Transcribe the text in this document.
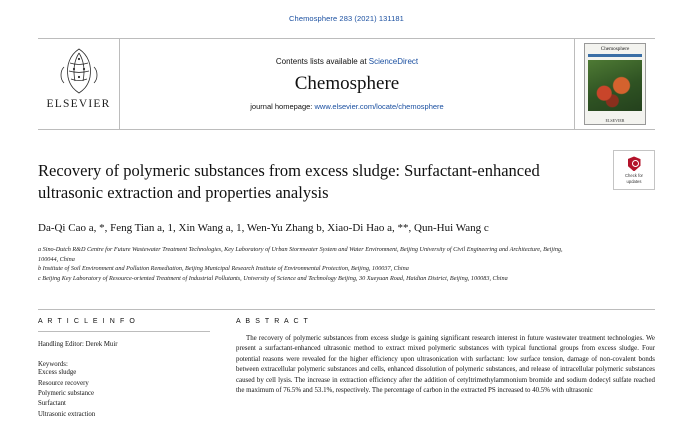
Chemosphere 283 (2021) 131181
ELSEVIER
Contents lists available at ScienceDirect
Chemosphere
journal homepage: www.elsevier.com/locate/chemosphere
Chemosphere
ELSEVIER
Check for
updates
Recovery of polymeric substances from excess sludge: Surfactant-enhanced ultrasonic extraction and properties analysis
Da-Qi Cao a, *, Feng Tian a, 1, Xin Wang a, 1, Wen-Yu Zhang b, Xiao-Di Hao a, **, Qun-Hui Wang c
a Sino-Dutch R&D Centre for Future Wastewater Treatment Technologies, Key Laboratory of Urban Stormwater System and Water Environment, Beijing University of Civil Engineering and Architecture, Beijing, 100044, China
b Institute of Soil Environment and Pollution Remediation, Beijing Municipal Research Institute of Environmental Protection, Beijing, 100037, China
c Beijing Key Laboratory of Resource-oriented Treatment of Industrial Pollutants, University of Science and Technology Beijing, 30 Xueyuan Road, Haidian District, Beijing, 100083, China
A R T I C L E I N F O
Handling Editor: Derek Muir
Keywords:
Excess sludge
Resource recovery
Polymeric substance
Surfactant
Ultrasonic extraction
A B S T R A C T
The recovery of polymeric substances from excess sludge is gaining significant research interest in future wastewater treatment technologies. We present a surfactant-enhanced ultrasonic method to extract mixed polymeric substances with typical functional groups from excess sludge. Four potential reasons were revealed for the higher efficiency upon ultrasonication with surfactant: low surface tension, damage of non-covalent bonds between extracellular polymeric substances and cells, enhanced dissolution of polymeric substances, and release of intracellular polymeric substances caused by cell lysis. The increase in extraction efficiency after the addition of cetyltrimethylammonium bromide and sodium dodecyl sulfate reached the maximum of 76.5% and 53.1%, respectively. The percentage of carbon in the extracted PS increased to 40.5% with ultrasonic
